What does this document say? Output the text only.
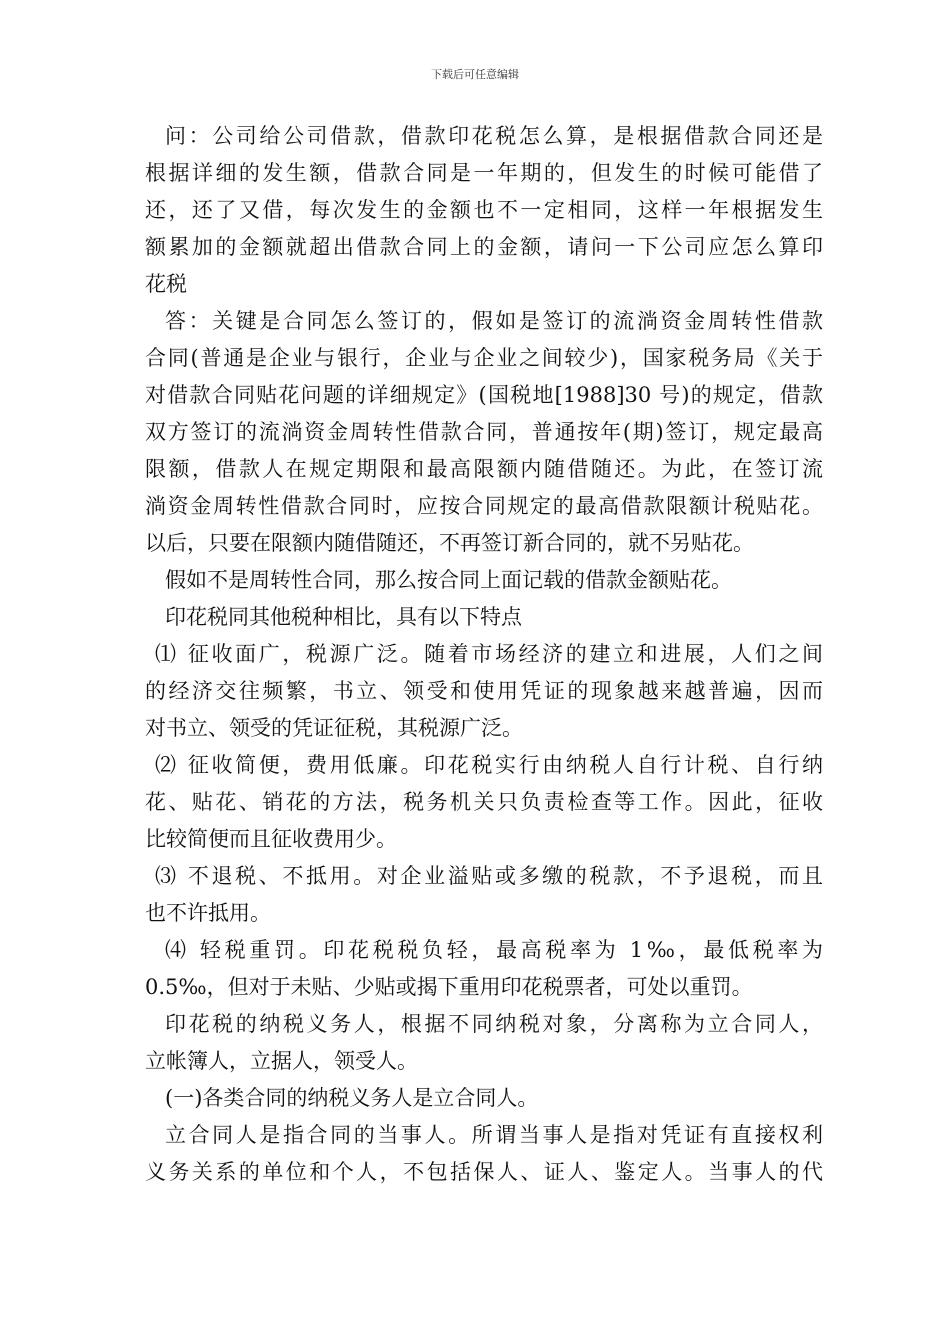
下载后可任意编辑
问：公司给公司借款，借款印花税怎么算，是根据借款合同还是
根据详细的发生额，借款合同是一年期的，但发生的时候可能借了
还，还了又借，每次发生的金额也不一定相同，这样一年根据发生
额累加的金额就超出借款合同上的金额，请问一下公司应怎么算印
花税
答：关键是合同怎么签订的，假如是签订的流淌资金周转性借款
合同(普通是企业与银行，企业与企业之间较少)，国家税务局《关于
对借款合同贴花问题的详细规定》(国税地[1988]30 号)的规定，借款
双方签订的流淌资金周转性借款合同，普通按年(期)签订，规定最高
限额，借款人在规定期限和最高限额内随借随还。为此，在签订流
淌资金周转性借款合同时，应按合同规定的最高借款限额计税贴花。
以后，只要在限额内随借随还，不再签订新合同的，就不另贴花。
假如不是周转性合同，那么按合同上面记载的借款金额贴花。
印花税同其他税种相比，具有以下特点
⑴ 征收面广，税源广泛。随着市场经济的建立和进展，人们之间
的经济交往频繁，书立、领受和使用凭证的现象越来越普遍，因而
对书立、领受的凭证征税，其税源广泛。
⑵ 征收简便，费用低廉。印花税实行由纳税人自行计税、自行纳
花、贴花、销花的方法，税务机关只负责检查等工作。因此，征收
比较简便而且征收费用少。
⑶ 不退税、不抵用。对企业溢贴或多缴的税款，不予退税，而且
也不许抵用。
⑷ 轻税重罚。印花税税负轻，最高税率为 1‰，最低税率为
0.5‰，但对于未贴、少贴或揭下重用印花税票者，可处以重罚。
印花税的纳税义务人，根据不同纳税对象，分离称为立合同人，
立帐簿人，立据人，领受人。
(一)各类合同的纳税义务人是立合同人。
立合同人是指合同的当事人。所谓当事人是指对凭证有直接权利
义务关系的单位和个人，不包括保人、证人、鉴定人。当事人的代
